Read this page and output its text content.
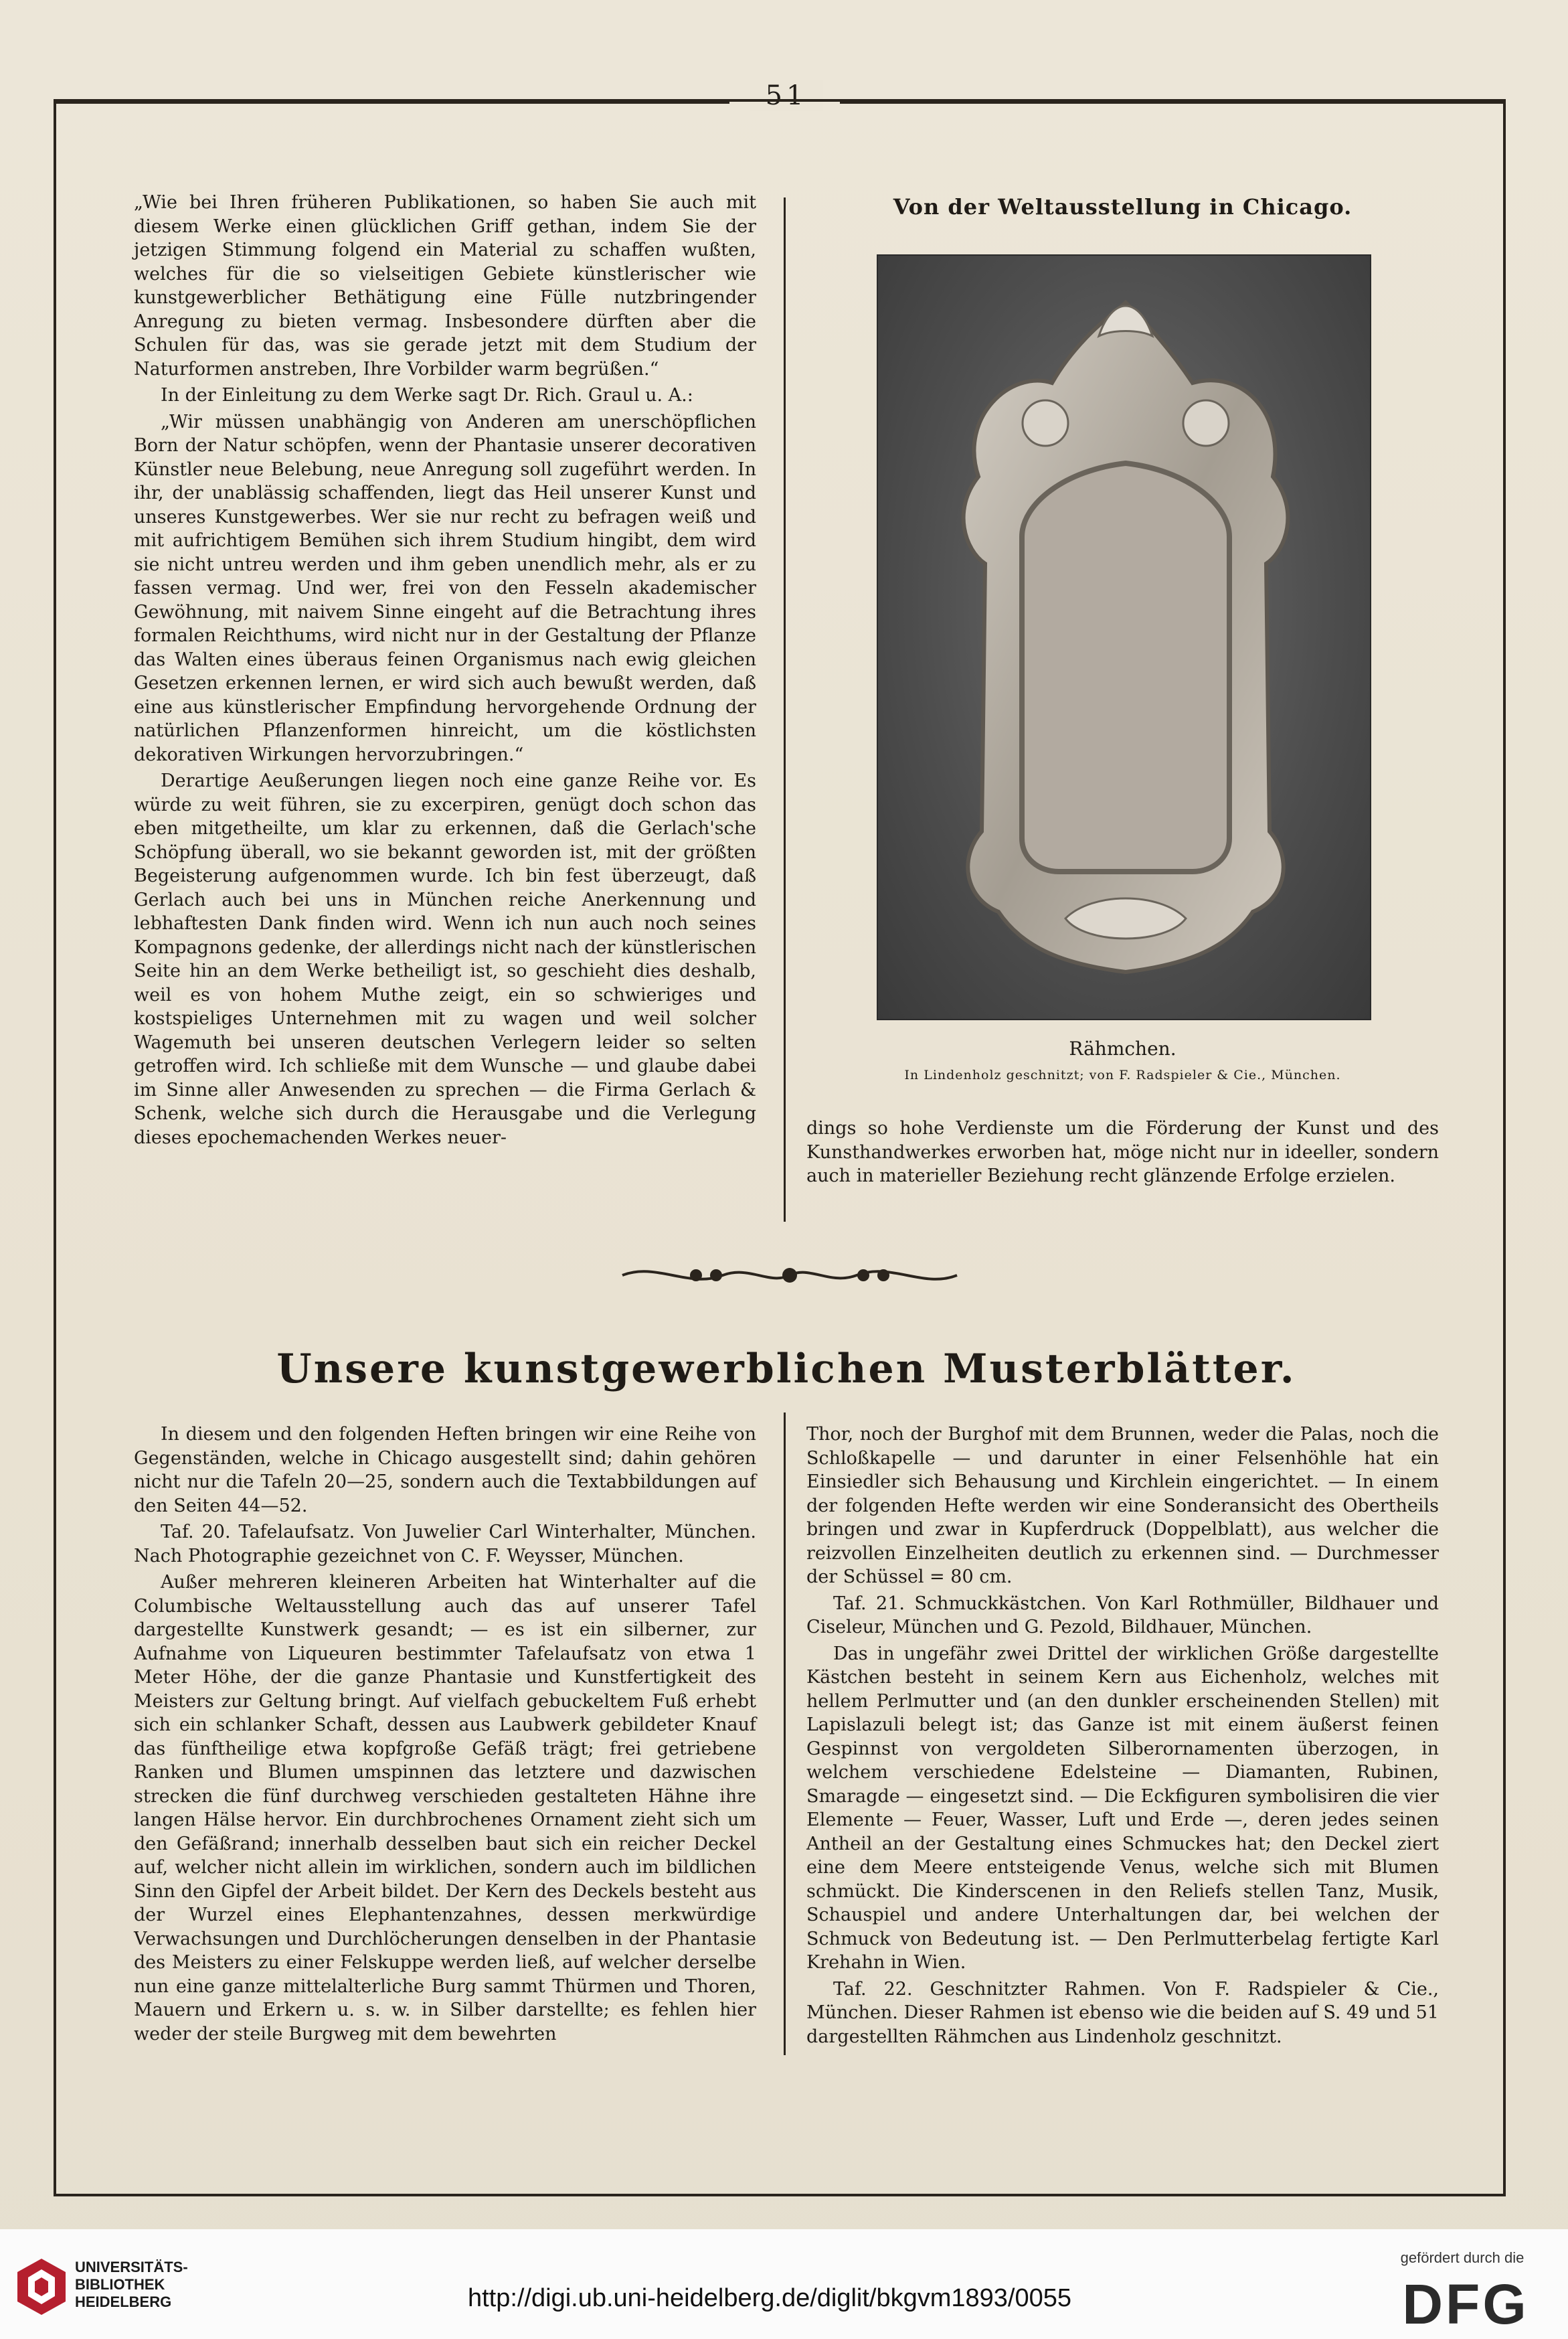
51

„Wie bei Ihren früheren Publikationen, so haben Sie auch mit diesem Werke einen glücklichen Griff gethan, indem Sie der jetzigen Stimmung folgend ein Material zu schaffen wußten, welches für die so vielseitigen Gebiete künstlerischer wie kunstgewerblicher Bethätigung eine Fülle nutzbringender Anregung zu bieten vermag. Insbesondere dürften aber die Schulen für das, was sie gerade jetzt mit dem Studium der Naturformen anstreben, Ihre Vorbilder warm begrüßen.“

In der Einleitung zu dem Werke sagt Dr. Rich. Graul u. A.:

„Wir müssen unabhängig von Anderen am unerschöpflichen Born der Natur schöpfen, wenn der Phantasie unserer decorativen Künstler neue Belebung, neue Anregung soll zugeführt werden. In ihr, der unablässig schaffenden, liegt das Heil unserer Kunst und unseres Kunstgewerbes. Wer sie nur recht zu befragen weiß und mit aufrichtigem Bemühen sich ihrem Studium hingibt, dem wird sie nicht untreu werden und ihm geben unendlich mehr, als er zu fassen vermag. Und wer, frei von den Fesseln akademischer Gewöhnung, mit naivem Sinne eingeht auf die Betrachtung ihres formalen Reichthums, wird nicht nur in der Gestaltung der Pflanze das Walten eines überaus feinen Organismus nach ewig gleichen Gesetzen erkennen lernen, er wird sich auch bewußt werden, daß eine aus künstlerischer Empfindung hervorgehende Ordnung der natürlichen Pflanzenformen hinreicht, um die köstlichsten dekorativen Wirkungen hervorzubringen.“

Derartige Aeußerungen liegen noch eine ganze Reihe vor. Es würde zu weit führen, sie zu excerpiren, genügt doch schon das eben mitgetheilte, um klar zu erkennen, daß die Gerlach'sche Schöpfung überall, wo sie bekannt geworden ist, mit der größten Begeisterung aufgenommen wurde. Ich bin fest überzeugt, daß Gerlach auch bei uns in München reiche Anerkennung und lebhaftesten Dank finden wird. Wenn ich nun auch noch seines Kompagnons gedenke, der allerdings nicht nach der künstlerischen Seite hin an dem Werke betheiligt ist, so geschieht dies deshalb, weil es von hohem Muthe zeigt, ein so schwieriges und kostspieliges Unternehmen mit zu wagen und weil solcher Wagemuth bei unseren deutschen Verlegern leider so selten getroffen wird. Ich schließe mit dem Wunsche — und glaube dabei im Sinne aller Anwesenden zu sprechen — die Firma Gerlach & Schenk, welche sich durch die Herausgabe und die Verlegung dieses epochemachenden Werkes neuer-

Von der Weltausstellung in Chicago.
Rähmchen.
In Lindenholz geschnitzt; von F. Radspieler & Cie., München.

dings so hohe Verdienste um die Förderung der Kunst und des Kunsthandwerkes erworben hat, möge nicht nur in ideeller, sondern auch in materieller Beziehung recht glänzende Erfolge erzielen.

Unsere kunstgewerblichen Musterblätter.

In diesem und den folgenden Heften bringen wir eine Reihe von Gegenständen, welche in Chicago ausgestellt sind; dahin gehören nicht nur die Tafeln 20—25, sondern auch die Textabbildungen auf den Seiten 44—52.

Taf. 20. Tafelaufsatz. Von Juwelier Carl Winterhalter, München. Nach Photographie gezeichnet von C. F. Weysser, München.

Außer mehreren kleineren Arbeiten hat Winterhalter auf die Columbische Weltausstellung auch das auf unserer Tafel dargestellte Kunstwerk gesandt; — es ist ein silberner, zur Aufnahme von Liqueuren bestimmter Tafelaufsatz von etwa 1 Meter Höhe, der die ganze Phantasie und Kunstfertigkeit des Meisters zur Geltung bringt. Auf vielfach gebuckeltem Fuß erhebt sich ein schlanker Schaft, dessen aus Laubwerk gebildeter Knauf das fünftheilige etwa kopfgroße Gefäß trägt; frei getriebene Ranken und Blumen umspinnen das letztere und dazwischen strecken die fünf durchweg verschieden gestalteten Hähne ihre langen Hälse hervor. Ein durchbrochenes Ornament zieht sich um den Gefäßrand; innerhalb desselben baut sich ein reicher Deckel auf, welcher nicht allein im wirklichen, sondern auch im bildlichen Sinn den Gipfel der Arbeit bildet. Der Kern des Deckels besteht aus der Wurzel eines Elephantenzahnes, dessen merkwürdige Verwachsungen und Durchlöcherungen denselben in der Phantasie des Meisters zu einer Felskuppe werden ließ, auf welcher derselbe nun eine ganze mittelalterliche Burg sammt Thürmen und Thoren, Mauern und Erkern u. s. w. in Silber darstellte; es fehlen hier weder der steile Burgweg mit dem bewehrten

Thor, noch der Burghof mit dem Brunnen, weder die Palas, noch die Schloßkapelle — und darunter in einer Felsenhöhle hat ein Einsiedler sich Behausung und Kirchlein eingerichtet. — In einem der folgenden Hefte werden wir eine Sonderansicht des Obertheils bringen und zwar in Kupferdruck (Doppelblatt), aus welcher die reizvollen Einzelheiten deutlich zu erkennen sind. — Durchmesser der Schüssel = 80 cm.

Taf. 21. Schmuckkästchen. Von Karl Rothmüller, Bildhauer und Ciseleur, München und G. Pezold, Bildhauer, München.

Das in ungefähr zwei Drittel der wirklichen Größe dargestellte Kästchen besteht in seinem Kern aus Eichenholz, welches mit hellem Perlmutter und (an den dunkler erscheinenden Stellen) mit Lapislazuli belegt ist; das Ganze ist mit einem äußerst feinen Gespinnst von vergoldeten Silberornamenten überzogen, in welchem verschiedene Edelsteine — Diamanten, Rubinen, Smaragde — eingesetzt sind. — Die Eckfiguren symbolisiren die vier Elemente — Feuer, Wasser, Luft und Erde —, deren jedes seinen Antheil an der Gestaltung eines Schmuckes hat; den Deckel ziert eine dem Meere entsteigende Venus, welche sich mit Blumen schmückt. Die Kinderscenen in den Reliefs stellen Tanz, Musik, Schauspiel und andere Unterhaltungen dar, bei welchen der Schmuck von Bedeutung ist. — Den Perlmutterbelag fertigte Karl Krehahn in Wien.

Taf. 22. Geschnitzter Rahmen. Von F. Radspieler & Cie., München. Dieser Rahmen ist ebenso wie die beiden auf S. 49 und 51 dargestellten Rähmchen aus Lindenholz geschnitzt.

UNIVERSITÄTS-
BIBLIOTHEK
HEIDELBERG	http://digi.ub.uni-heidelberg.de/diglit/bkgvm1893/0055
gefördert durch die
DFG
